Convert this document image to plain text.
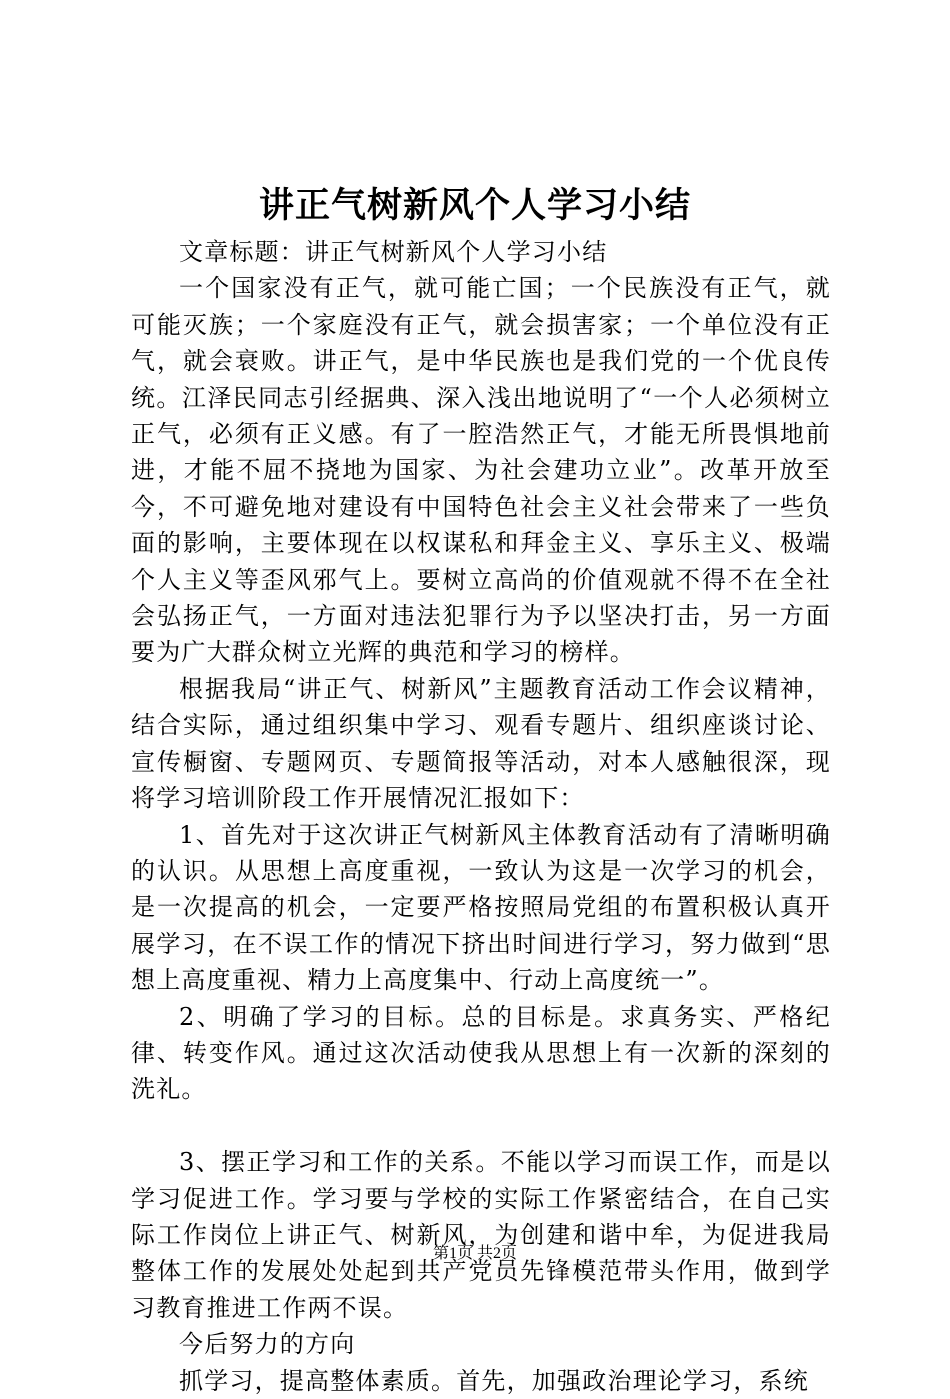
讲正气树新风个人学习小结

文章标题：讲正气树新风个人学习小结

一个国家没有正气，就可能亡国；一个民族没有正气，就可能灭族；一个家庭没有正气，就会损害家；一个单位没有正气，就会衰败。讲正气，是中华民族也是我们党的一个优良传统。江泽民同志引经据典、深入浅出地说明了“一个人必须树立正气，必须有正义感。有了一腔浩然正气，才能无所畏惧地前进，才能不屈不挠地为国家、为社会建功立业”。改革开放至今，不可避免地对建设有中国特色社会主义社会带来了一些负面的影响，主要体现在以权谋私和拜金主义、享乐主义、极端个人主义等歪风邪气上。要树立高尚的价值观就不得不在全社会弘扬正气，一方面对违法犯罪行为予以坚决打击，另一方面要为广大群众树立光辉的典范和学习的榜样。

根据我局“讲正气、树新风”主题教育活动工作会议精神，结合实际，通过组织集中学习、观看专题片、组织座谈讨论、宣传橱窗、专题网页、专题简报等活动，对本人感触很深，现将学习培训阶段工作开展情况汇报如下：

1、首先对于这次讲正气树新风主体教育活动有了清晰明确的认识。从思想上高度重视，一致认为这是一次学习的机会，是一次提高的机会，一定要严格按照局党组的布置积极认真开展学习，在不误工作的情况下挤出时间进行学习，努力做到“思想上高度重视、精力上高度集中、行动上高度统一”。

2、明确了学习的目标。总的目标是。求真务实、严格纪律、转变作风。通过这次活动使我从思想上有一次新的深刻的洗礼。

3、摆正学习和工作的关系。不能以学习而误工作，而是以学习促进工作。学习要与学校的实际工作紧密结合，在自己实际工作岗位上讲正气、树新风，为创建和谐中牟，为促进我局整体工作的发展处处起到共产党员先锋模范带头作用，做到学习教育推进工作两不误。

今后努力的方向

抓学习，提高整体素质。首先，加强政治理论学习，系统

第1页 共2页
